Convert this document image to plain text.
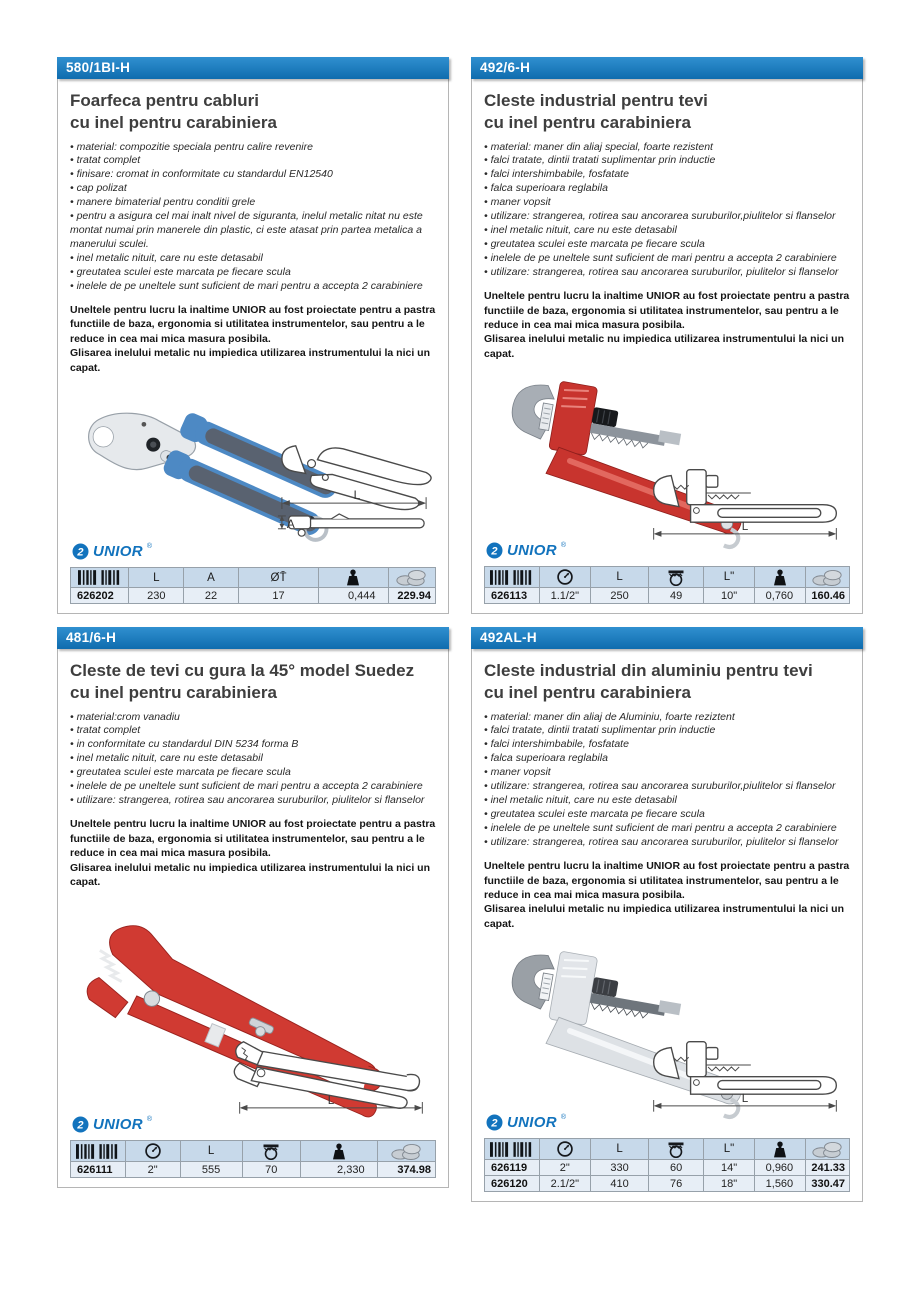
580/1BI-H
Foarfeca pentru cabluri
cu inel pentru carabiniera
• material: compozitie speciala pentru calire revenire
• tratat complet
• finisare: cromat in conformitate cu standardul EN12540
• cap polizat
• manere bimaterial pentru conditii grele
• pentru a asigura cel mai inalt nivel de siguranta, inelul metalic nitat nu este montat numai prin manerele din plastic, ci este atasat prin partea metalica a manerului sculei.
• inel metalic nituit, care nu este detasabil
• greutatea sculei este marcata pe fiecare scula
• inelele de pe uneltele sunt suficient de mari pentru a accepta 2 carabiniere
Uneltele pentru lucru la inaltime UNIOR au fost proiectate pentru a pastra functiile de baza, ergonomia si utilitatea instrumentelor, sau pentru a le reduce in cea mai mica masura posibila.
Glisarea inelului metalic nu impiedica utilizarea instrumentului la nici un capat.
L
A
UNIOR ®
	L	A	ØT̄		
626202	230	22	17	0,444	229.94
492/6-H
Cleste industrial pentru tevi
cu inel pentru carabiniera
• material: maner din aliaj special, foarte rezistent
• falci tratate, dintii tratati suplimentar prin inductie
• falci intershimbabile, fosfatate
• falca superioara reglabila
• maner vopsit
• utilizare: strangerea, rotirea sau ancorarea suruburilor,piulitelor si flanselor
• inel metalic nituit, care nu este detasabil
• greutatea sculei este marcata pe fiecare scula
• inelele de pe uneltele sunt suficient de mari pentru a accepta 2 carabiniere
• utilizare: strangerea, rotirea sau ancorarea suruburilor, piulitelor si flanselor
Uneltele pentru lucru la inaltime UNIOR au fost proiectate pentru a pastra functiile de baza, ergonomia si utilitatea instrumentelor, sau pentru a le reduce in cea mai mica masura posibila.
Glisarea inelului metalic nu impiedica utilizarea instrumentului la nici un capat.
L
UNIOR ®
		L		L"		
626113	1.1/2"	250	49	10"	0,760	160.46
481/6-H
Cleste de tevi cu gura la 45° model Suedez
cu inel pentru carabiniera
• material:crom vanadiu
• tratat complet
• in conformitate cu standardul DIN 5234 forma B
• inel metalic nituit, care nu este detasabil
• greutatea sculei este marcata pe fiecare scula
• inelele de pe uneltele sunt suficient de mari pentru a accepta 2 carabiniere
• utilizare: strangerea, rotirea sau ancorarea suruburilor, piulitelor si flanselor
Uneltele pentru lucru la inaltime UNIOR au fost proiectate pentru a pastra functiile de baza, ergonomia si utilitatea instrumentelor, sau pentru a le reduce in cea mai mica masura posibila.
Glisarea inelului metalic nu impiedica utilizarea instrumentului la nici un capat.
L
UNIOR ®
		L			
626111	2"	555	70	2,330	374.98
492AL-H
Cleste industrial din aluminiu pentru tevi
cu inel pentru carabiniera
• material: maner din aliaj de Aluminiu, foarte reziztent
• falci tratate, dintii tratati suplimentar prin inductie
• falci intershimbabile, fosfatate
• falca superioara reglabila
• maner vopsit
• utilizare: strangerea, rotirea sau ancorarea suruburilor,piulitelor si flanselor
• inel metalic nituit, care nu este detasabil
• greutatea sculei este marcata pe fiecare scula
• inelele de pe uneltele sunt suficient de mari pentru a accepta 2 carabiniere
• utilizare: strangerea, rotirea sau ancorarea suruburilor, piulitelor si flanselor
Uneltele pentru lucru la inaltime UNIOR au fost proiectate pentru a pastra functiile de baza, ergonomia si utilitatea instrumentelor, sau pentru a le reduce in cea mai mica masura posibila.
Glisarea inelului metalic nu impiedica utilizarea instrumentului la nici un capat.
L
UNIOR ®
		L		L"		
626119	2"	330	60	14"	0,960	241.33
626120	2.1/2"	410	76	18"	1,560	330.47
